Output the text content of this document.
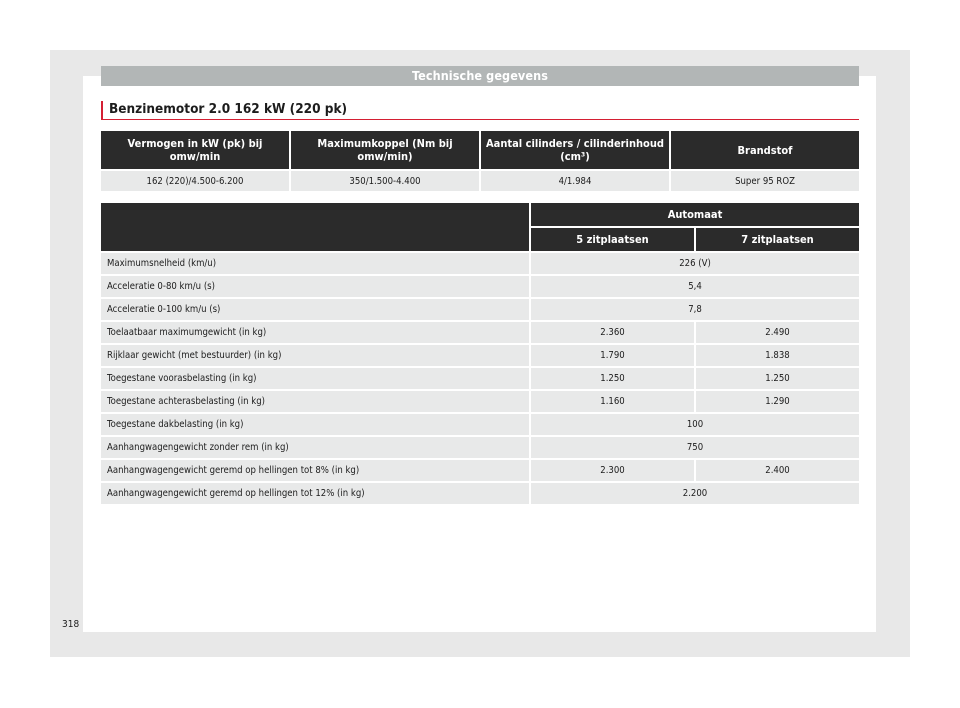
Technische gegevens
Benzinemotor 2.0 162 kW (220 pk)
Vermogen in kW (pk) bij omw/min	Maximumkoppel (Nm bij omw/min)	Aantal cilinders / cilinderinhoud (cm³)	Brandstof
162 (220)/4.500-6.200	350/1.500-4.400	4/1.984	Super 95 ROZ
	Automaat	
	5 zitplaatsen	7 zitplaatsen
Maximumsnelheid (km/u)	226 (V)	
Acceleratie 0-80 km/u (s)	5,4	
Acceleratie 0-100 km/u (s)	7,8	
Toelaatbaar maximumgewicht (in kg)	2.360	2.490
Rijklaar gewicht (met bestuurder) (in kg)	1.790	1.838
Toegestane voorasbelasting (in kg)	1.250	1.250
Toegestane achterasbelasting (in kg)	1.160	1.290
Toegestane dakbelasting (in kg)	100	
Aanhangwagengewicht zonder rem (in kg)	750	
Aanhangwagengewicht geremd op hellingen tot 8% (in kg)	2.300	2.400
Aanhangwagengewicht geremd op hellingen tot 12% (in kg)	2.200	
318
